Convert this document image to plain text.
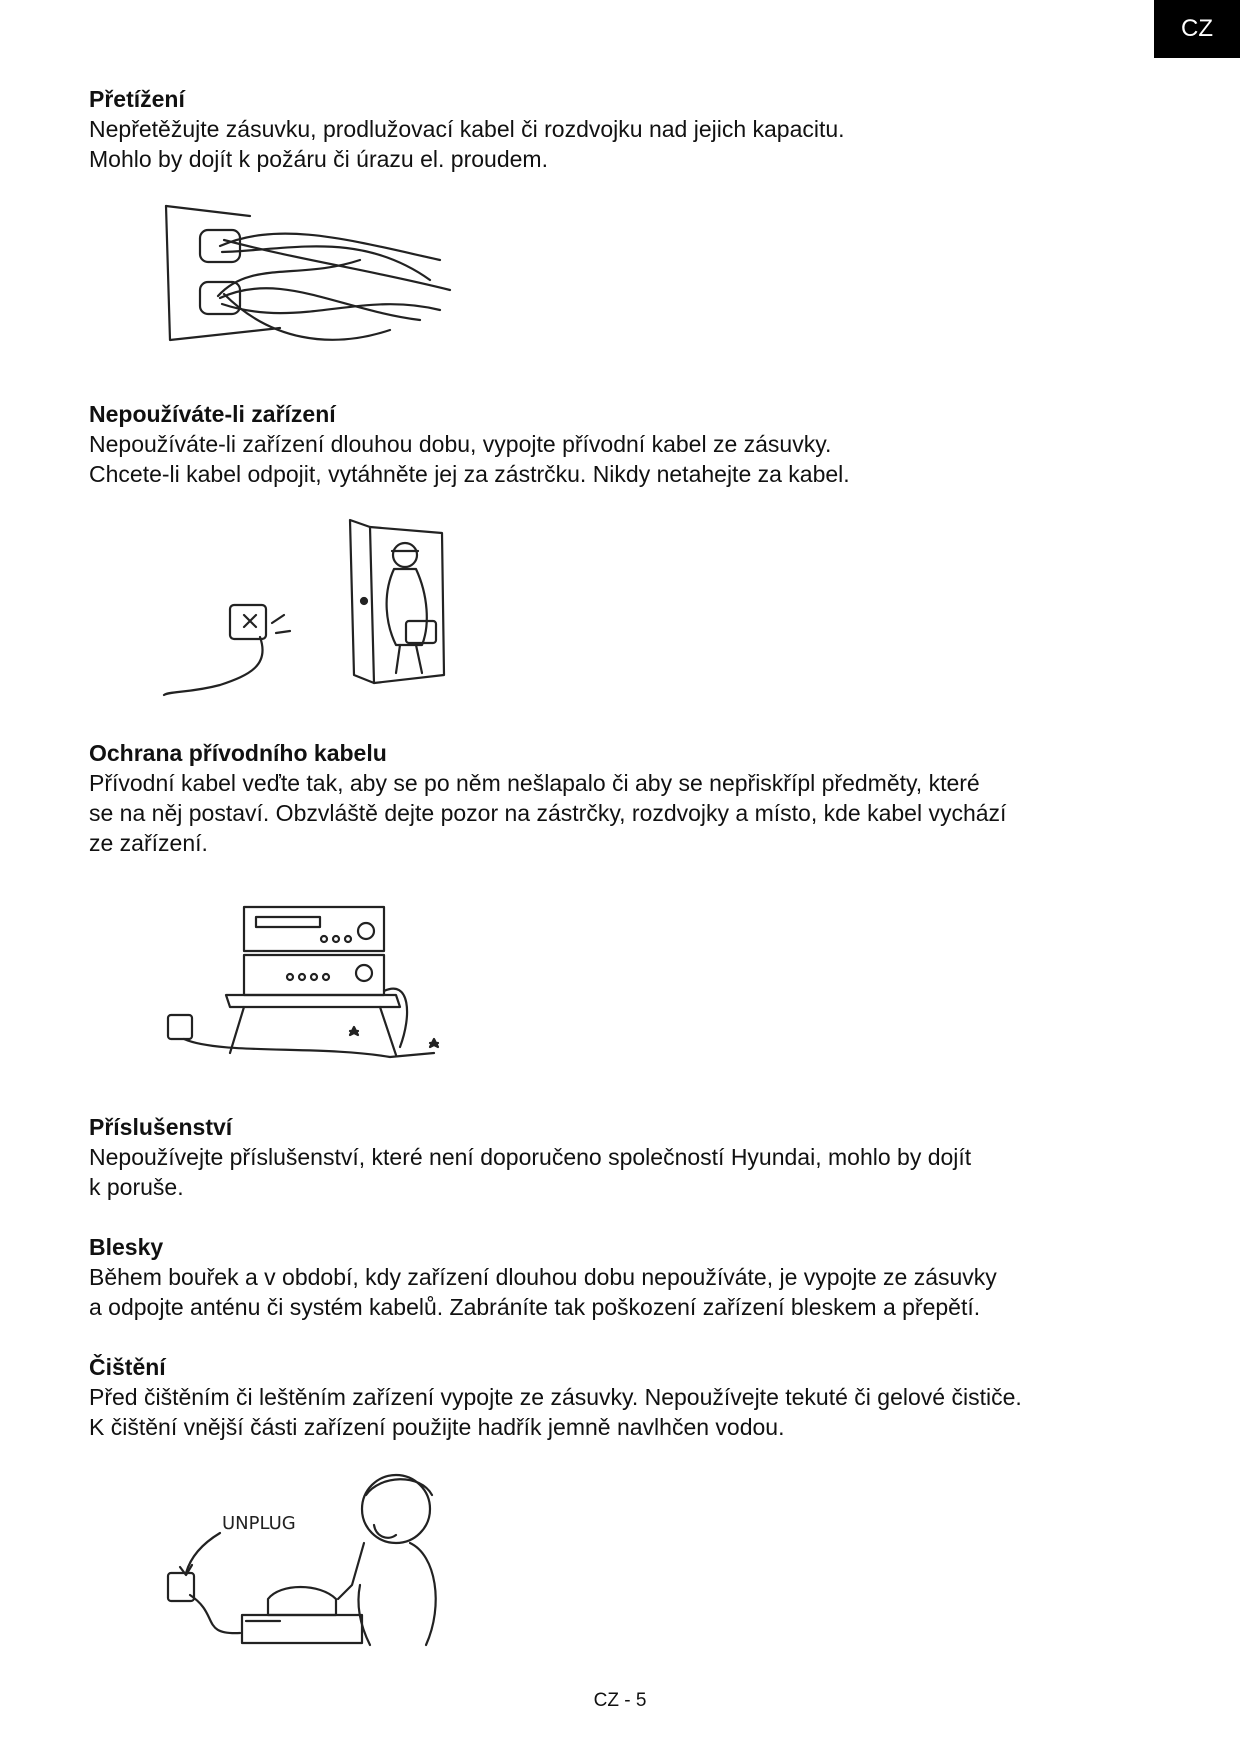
CZ
Přetížení

Nepřetěžujte zásuvku, prodlužovací kabel či rozdvojku nad jejich kapacitu.
Mohlo by dojít k požáru či úrazu el. proudem.

Nepoužíváte-li zařízení

Nepoužíváte-li zařízení dlouhou dobu, vypojte přívodní kabel ze zásuvky.
Chcete-li kabel odpojit, vytáhněte jej za zástrčku. Nikdy netahejte za kabel.

Ochrana přívodního kabelu

Přívodní kabel veďte tak, aby se po něm nešlapalo či aby se nepřiskřípl předměty, které
se na něj postaví. Obzvláště dejte pozor na zástrčky, rozdvojky a místo, kde kabel vychází
ze zařízení.

Příslušenství

Nepoužívejte příslušenství, které není doporučeno společností Hyundai, mohlo by dojít
k poruše.

Blesky

Během bouřek a v období, kdy zařízení dlouhou dobu nepoužíváte, je vypojte ze zásuvky
a odpojte anténu či systém kabelů. Zabráníte tak poškození zařízení bleskem a přepětí.

Čištění

Před čištěním či leštěním zařízení vypojte ze zásuvky. Nepoužívejte tekuté či gelové čističe.
K čištění vnější části zařízení použijte hadřík jemně navlhčen vodou.

UNPLUG
CZ - 5
